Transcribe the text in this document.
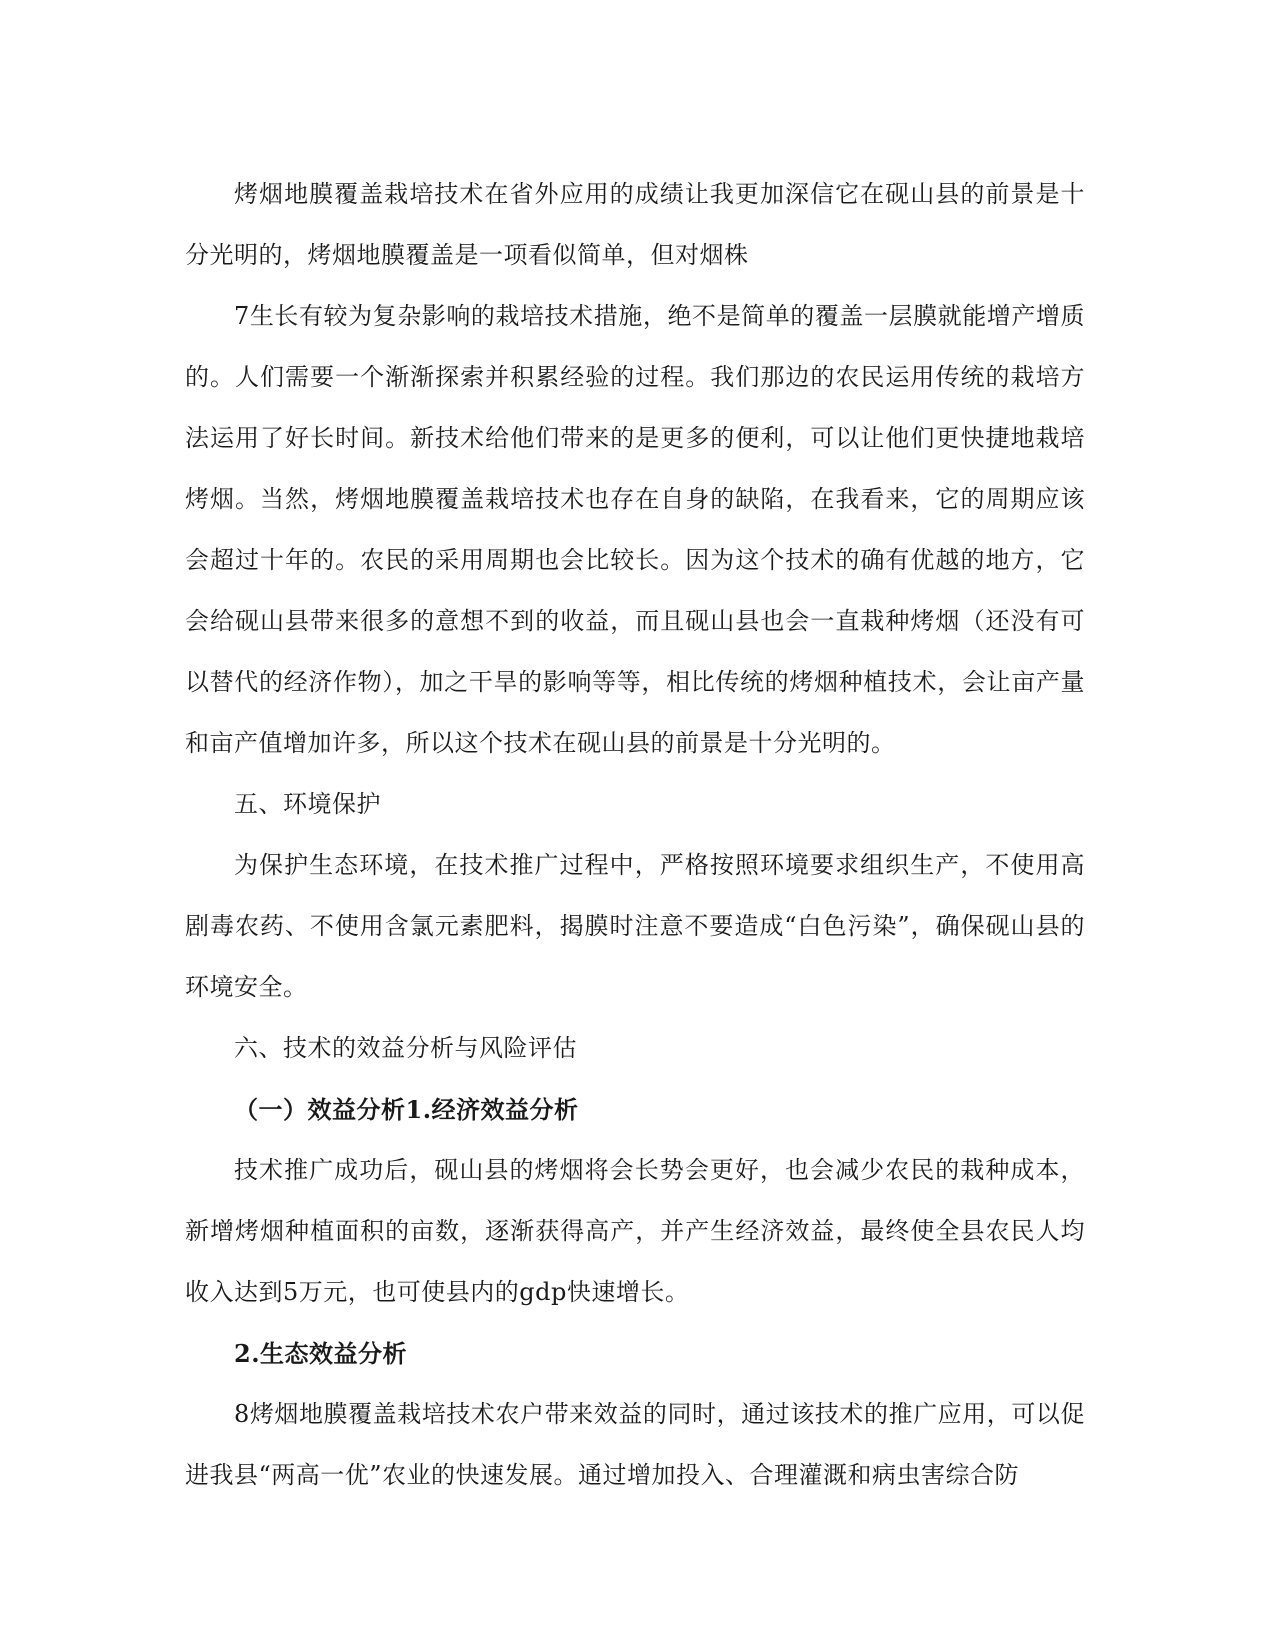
烤烟地膜覆盖栽培技术在省外应用的成绩让我更加深信它在砚山县的前景是十分光明的，烤烟地膜覆盖是一项看似简单，但对烟株

7生长有较为复杂影响的栽培技术措施，绝不是简单的覆盖一层膜就能增产增质的。人们需要一个渐渐探索并积累经验的过程。我们那边的农民运用传统的栽培方法运用了好长时间。新技术给他们带来的是更多的便利，可以让他们更快捷地栽培烤烟。当然，烤烟地膜覆盖栽培技术也存在自身的缺陷，在我看来，它的周期应该会超过十年的。农民的采用周期也会比较长。因为这个技术的确有优越的地方，它会给砚山县带来很多的意想不到的收益，而且砚山县也会一直栽种烤烟（还没有可以替代的经济作物），加之干旱的影响等等，相比传统的烤烟种植技术，会让亩产量和亩产值增加许多，所以这个技术在砚山县的前景是十分光明的。

五、环境保护

为保护生态环境，在技术推广过程中，严格按照环境要求组织生产，不使用高剧毒农药、不使用含氯元素肥料，揭膜时注意不要造成“白色污染”，确保砚山县的环境安全。

六、技术的效益分析与风险评估

（一）效益分析1.经济效益分析

技术推广成功后，砚山县的烤烟将会长势会更好，也会减少农民的栽种成本，新增烤烟种植面积的亩数，逐渐获得高产，并产生经济效益，最终使全县农民人均收入达到5万元，也可使县内的gdp快速增长。

2.生态效益分析

8烤烟地膜覆盖栽培技术农户带来效益的同时，通过该技术的推广应用，可以促进我县“两高一优”农业的快速发展。通过增加投入、合理灌溉和病虫害综合防
